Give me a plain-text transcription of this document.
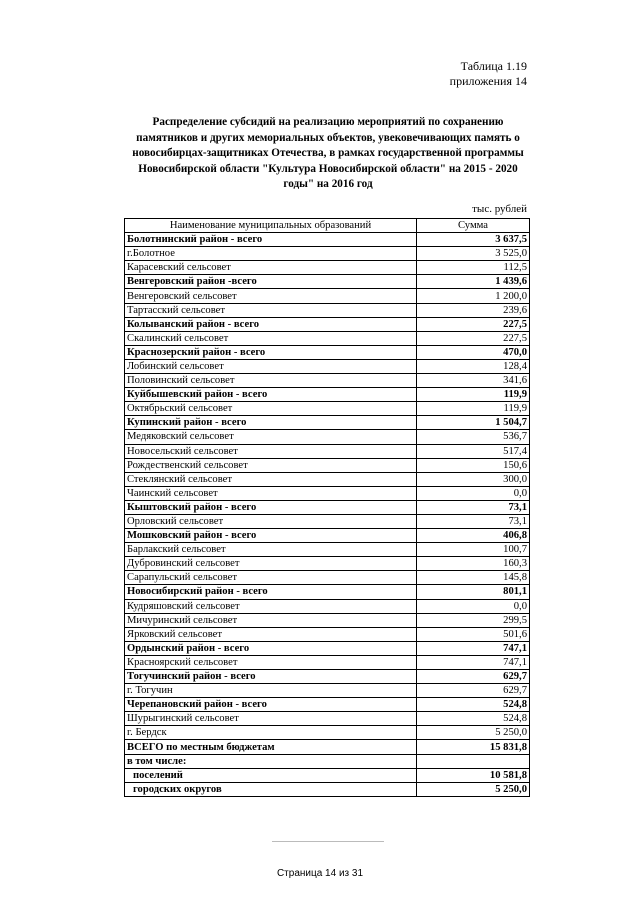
Таблица 1.19
приложения 14
Распределение субсидий на реализацию мероприятий по сохранению памятников и других мемориальных объектов, увековечивающих память о новосибирцах-защитниках Отечества, в рамках государственной программы Новосибирской области "Культура Новосибирской области" на 2015 - 2020 годы" на 2016 год
тыс. рублей
Наименование муниципальных образований	Сумма
Болотнинский район - всего	3 637,5
г.Болотное	3 525,0
Карасевский сельсовет	112,5
Венгеровский район -всего	1 439,6
Венгеровский сельсовет	1 200,0
Тартасский сельсовет	239,6
Колыванский район - всего	227,5
Скалинский сельсовет	227,5
Краснозерский район - всего	470,0
Лобинский сельсовет	128,4
Половинский сельсовет	341,6
Куйбышевский район - всего	119,9
Октябрьский сельсовет	119,9
Купинский район - всего	1 504,7
Медяковский сельсовет	536,7
Новосельский сельсовет	517,4
Рождественский сельсовет	150,6
Стеклянский сельсовет	300,0
Чаинский сельсовет	0,0
Кыштовский район - всего	73,1
Орловский сельсовет	73,1
Мошковский район - всего	406,8
Барлакский сельсовет	100,7
Дубровинский сельсовет	160,3
Сарапульский сельсовет	145,8
Новосибирский район - всего	801,1
Кудряшовский сельсовет	0,0
Мичуринский сельсовет	299,5
Ярковский сельсовет	501,6
Ордынский район - всего	747,1
Красноярский сельсовет	747,1
Тогучинский район - всего	629,7
г. Тогучин	629,7
Черепановский район - всего	524,8
Шурыгинский сельсовет	524,8
г. Бердск	5 250,0
ВСЕГО по местным бюджетам	15 831,8
в том числе:	
поселений	10 581,8
городских округов	5 250,0
Страница 14 из 31
